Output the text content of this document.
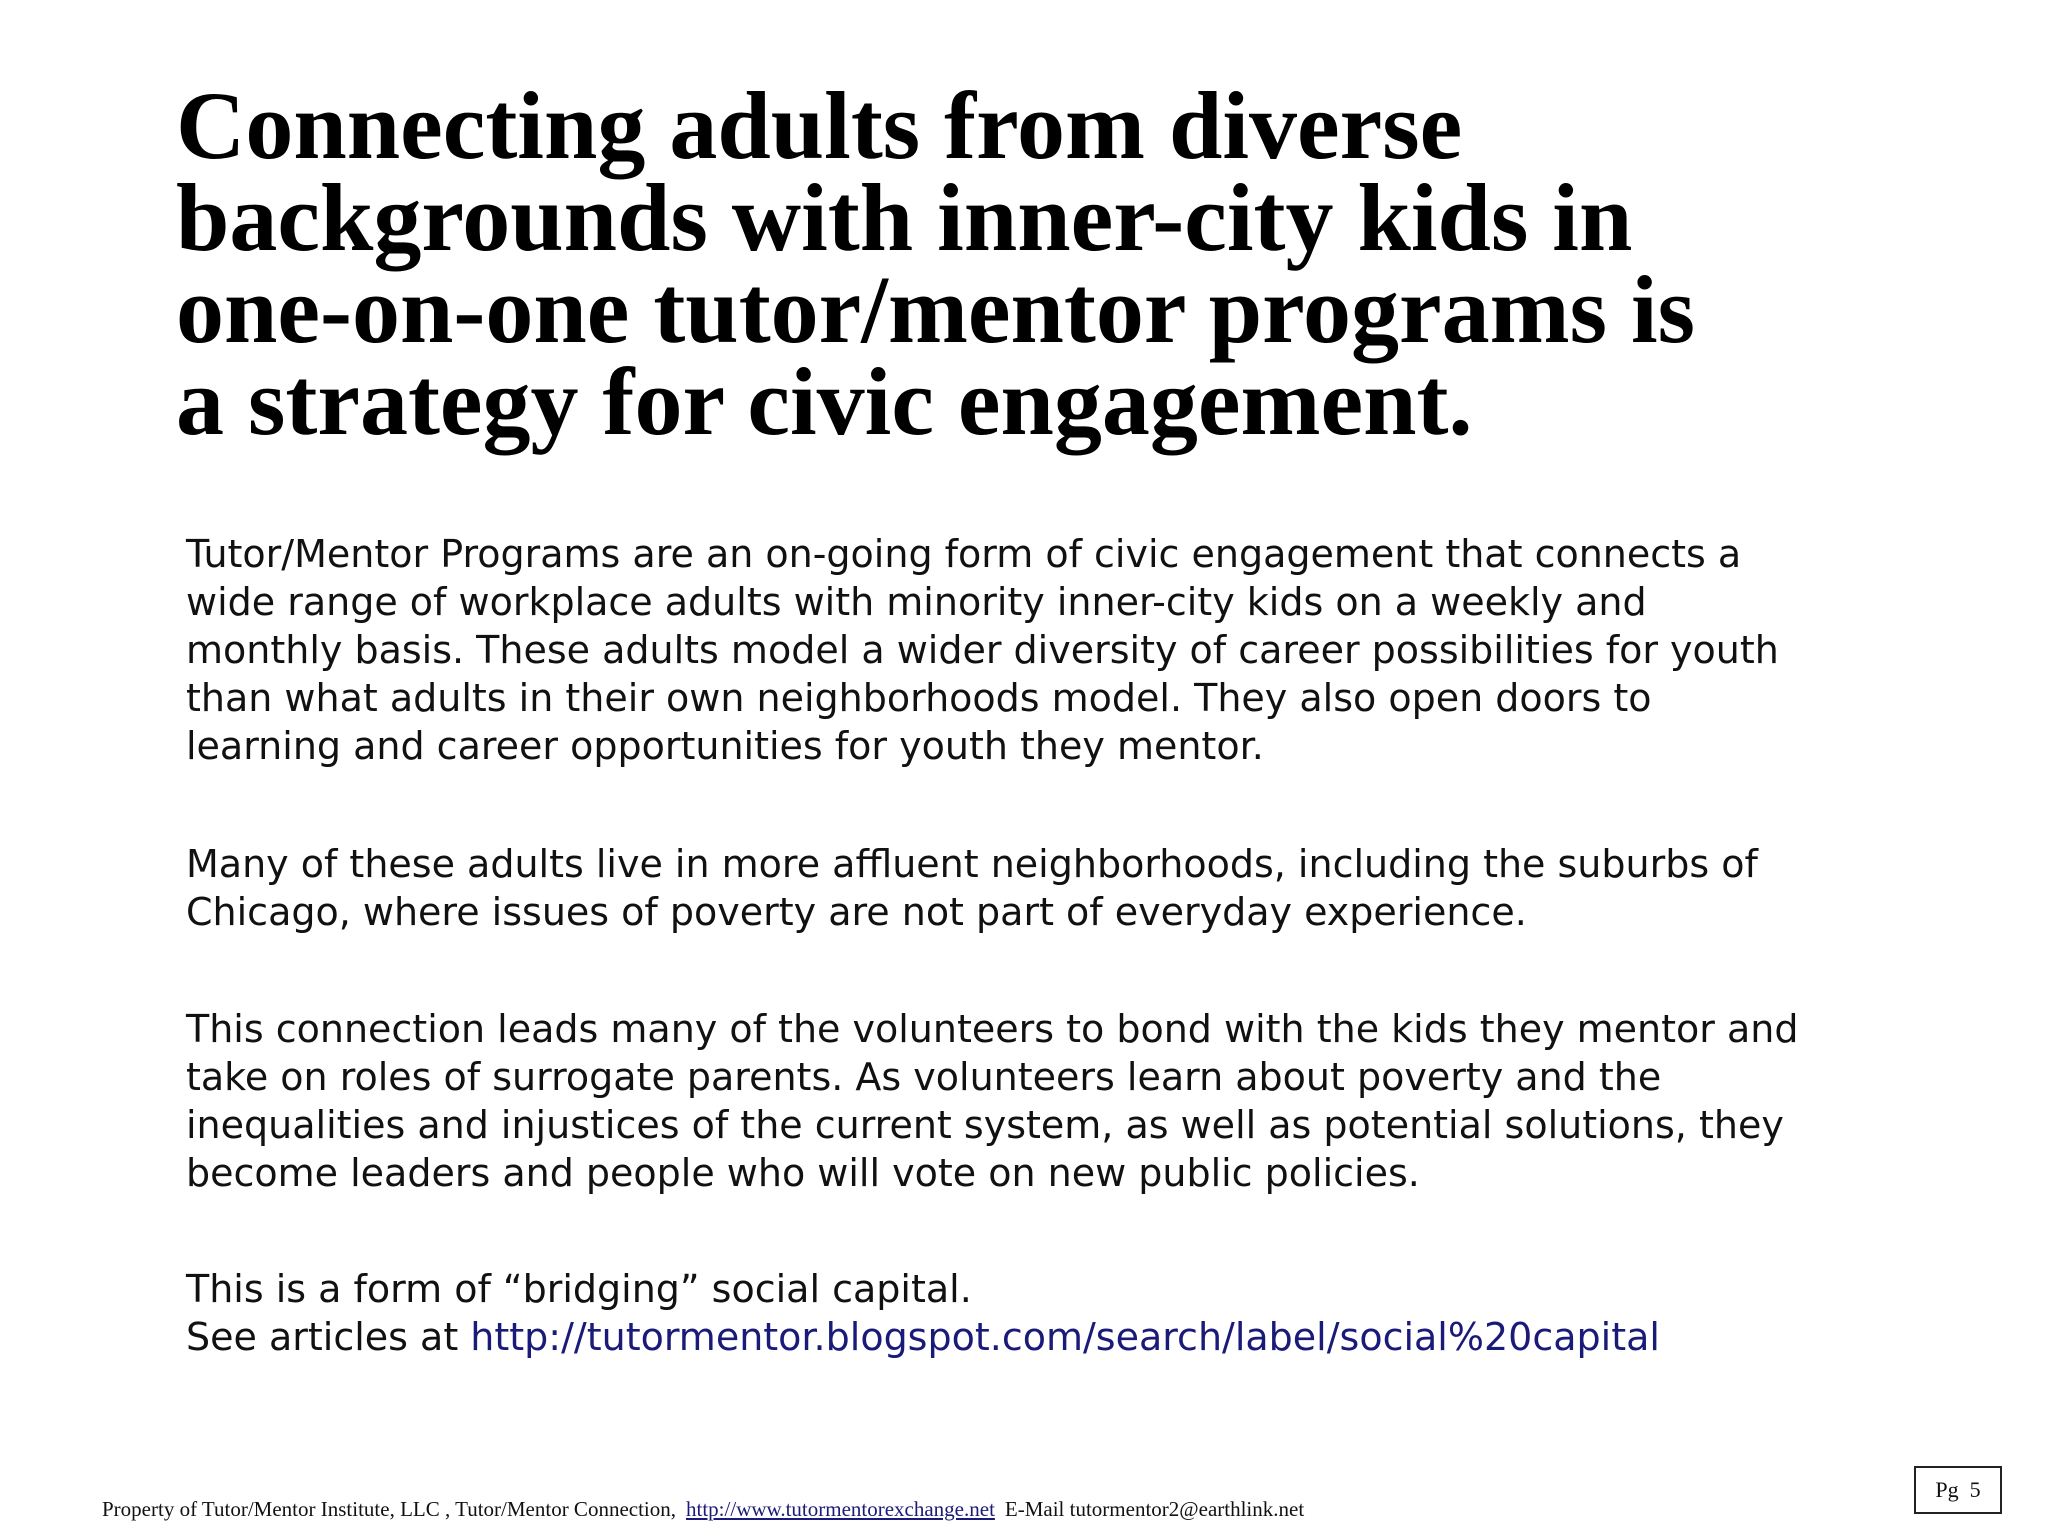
Connecting adults from diverse
backgrounds with inner-city kids in
one-on-one tutor/mentor programs is
a strategy for civic engagement.
Tutor/Mentor Programs are an on-going form of civic engagement that connects a
wide range of workplace adults with minority inner-city kids on a weekly and
monthly basis. These adults model a wider diversity of career possibilities for youth
than what adults in their own neighborhoods model. They also open doors to
learning and career opportunities for youth they mentor.
Many of these adults live in more affluent neighborhoods, including the suburbs of
Chicago, where issues of poverty are not part of everyday experience.
This connection leads many of the volunteers to bond with the kids they mentor and
take on roles of surrogate parents. As volunteers learn about poverty and the
inequalities and injustices of the current system, as well as potential solutions, they
become leaders and people who will vote on new public policies.
This is a form of “bridging” social capital.
See articles at http://tutormentor.blogspot.com/search/label/social%20capital
Property of Tutor/Mentor Institute, LLC , Tutor/Mentor Connection, http://www.tutormentorexchange.net E-Mail tutormentor2@earthlink.net
Pg  5
